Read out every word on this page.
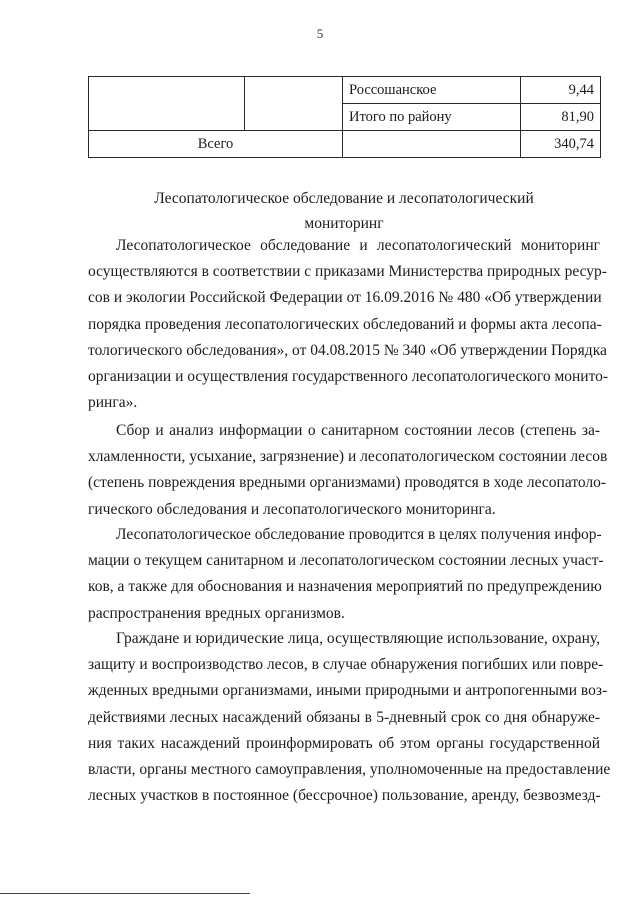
5
		Россошанское	9,44
		Итого по району	81,90
Всего			340,74
Лесопатологическое обследование и лесопатологический
мониторинг
Лесопатологическое обследование и лесопатологический мониторинг
осуществляются в соответствии с приказами Министерства природных ресур-
сов и экологии Российской Федерации от 16.09.2016 № 480 «Об утверждении
порядка проведения лесопатологических обследований и формы акта лесопа-
тологического обследования», от 04.08.2015 № 340 «Об утверждении Порядка
организации и осуществления государственного лесопатологического монито-
ринга».
Сбор и анализ информации о санитарном состоянии лесов (степень за-
хламленности, усыхание, загрязнение) и лесопатологическом состоянии лесов
(степень повреждения вредными организмами) проводятся в ходе лесопатоло-
гического обследования и лесопатологического мониторинга.
Лесопатологическое обследование проводится в целях получения инфор-
мации о текущем санитарном и лесопатологическом состоянии лесных участ-
ков, а также для обоснования и назначения мероприятий по предупреждению
распространения вредных организмов.
Граждане и юридические лица, осуществляющие использование, охрану,
защиту и воспроизводство лесов, в случае обнаружения погибших или повре-
жденных вредными организмами, иными природными и антропогенными воз-
действиями лесных насаждений обязаны в 5-дневный срок со дня обнаруже-
ния таких насаждений проинформировать об этом органы государственной
власти, органы местного самоуправления, уполномоченные на предоставление
лесных участков в постоянное (бессрочное) пользование, аренду, безвозмезд-
